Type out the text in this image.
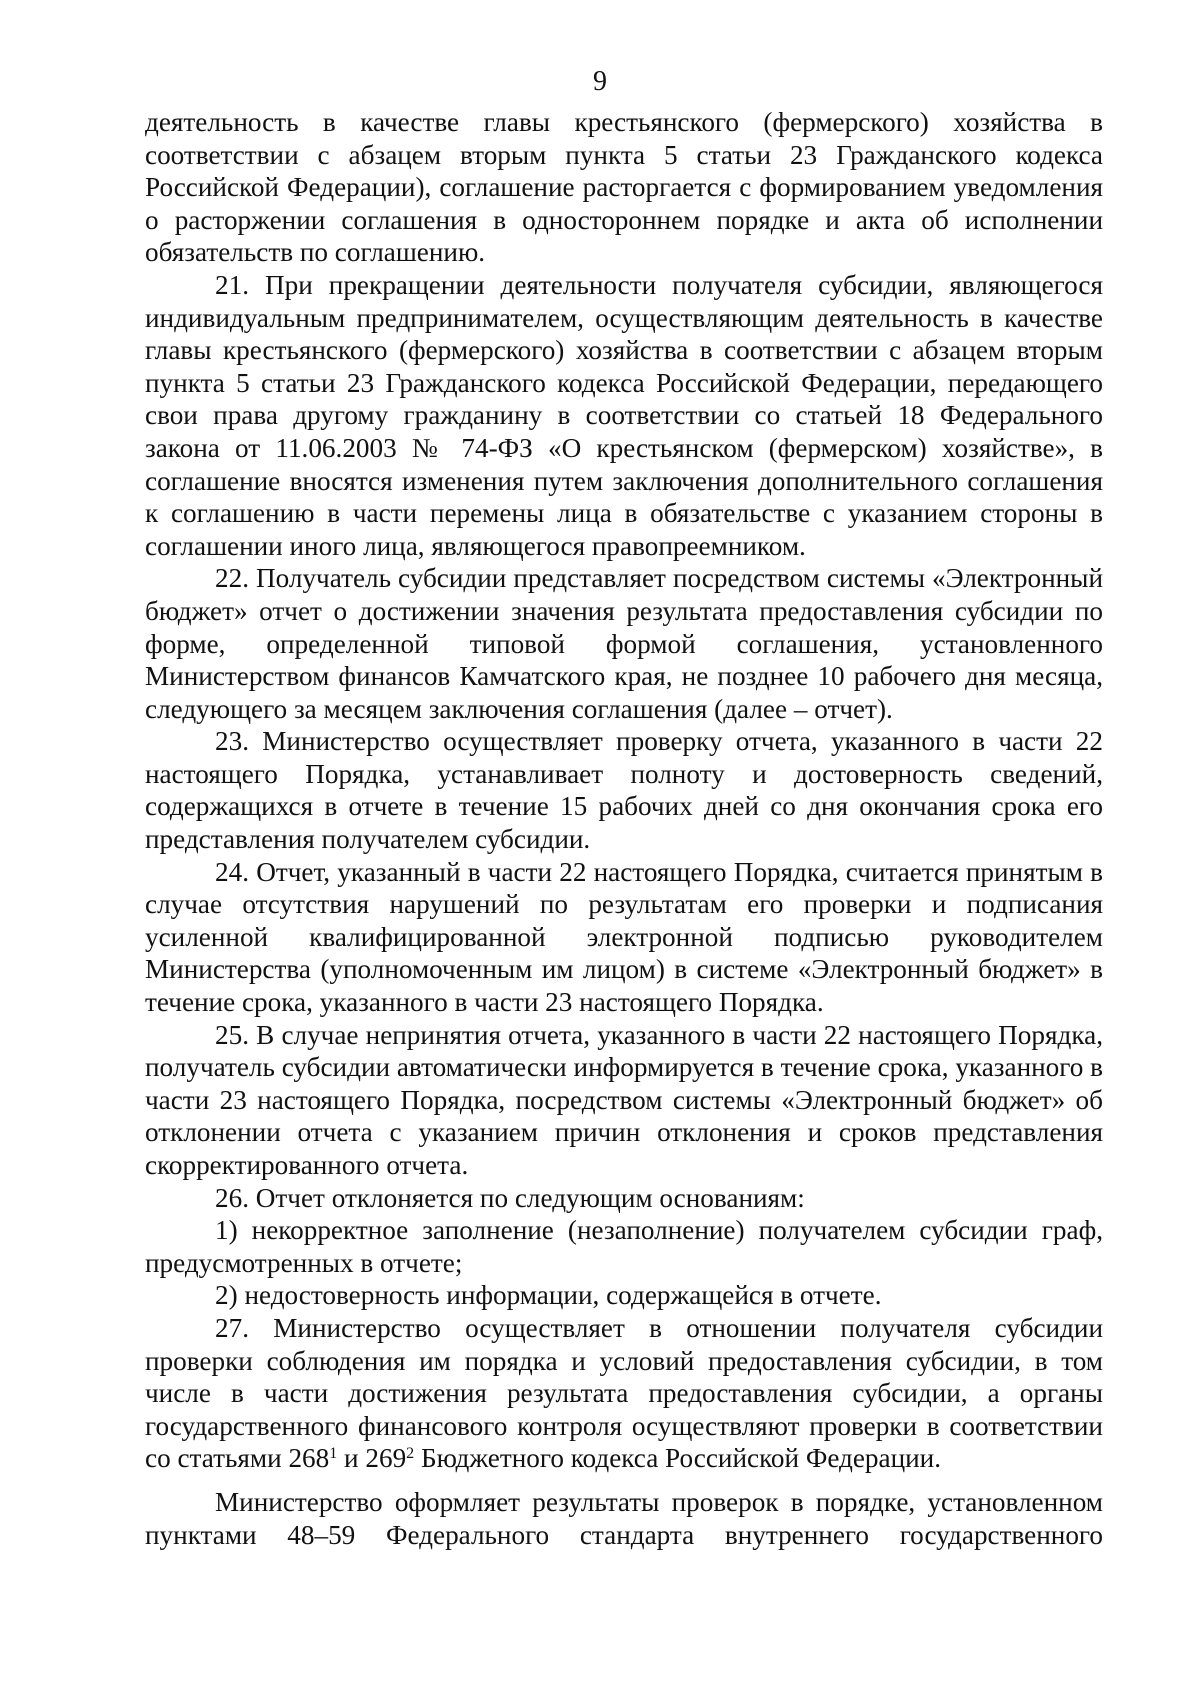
9

деятельность в качестве главы крестьянского (фермерского) хозяйства в соответствии с абзацем вторым пункта 5 статьи 23 Гражданского кодекса Российской Федерации), соглашение расторгается с формированием уведомления о расторжении соглашения в одностороннем порядке и акта об исполнении обязательств по соглашению.

21. При прекращении деятельности получателя субсидии, являющегося индивидуальным предпринимателем, осуществляющим деятельность в качестве главы крестьянского (фермерского) хозяйства в соответствии с абзацем вторым пункта 5 статьи 23 Гражданского кодекса Российской Федерации, передающего свои права другому гражданину в соответствии со статьей 18 Федерального закона от 11.06.2003 № 74-ФЗ «О крестьянском (фермерском) хозяйстве», в соглашение вносятся изменения путем заключения дополнительного соглашения к соглашению в части перемены лица в обязательстве с указанием стороны в соглашении иного лица, являющегося правопреемником.

22. Получатель субсидии представляет посредством системы «Электронный бюджет» отчет о достижении значения результата предоставления субсидии по форме, определенной типовой формой соглашения, установленного Министерством финансов Камчатского края, не позднее 10 рабочего дня месяца, следующего за месяцем заключения соглашения (далее – отчет).

23. Министерство осуществляет проверку отчета, указанного в части 22 настоящего Порядка, устанавливает полноту и достоверность сведений, содержащихся в отчете в течение 15 рабочих дней со дня окончания срока его представления получателем субсидии.

24. Отчет, указанный в части 22 настоящего Порядка, считается принятым в случае отсутствия нарушений по результатам его проверки и подписания усиленной квалифицированной электронной подписью руководителем Министерства (уполномоченным им лицом) в системе «Электронный бюджет» в течение срока, указанного в части 23 настоящего Порядка.

25. В случае непринятия отчета, указанного в части 22 настоящего Порядка, получатель субсидии автоматически информируется в течение срока, указанного в части 23 настоящего Порядка, посредством системы «Электронный бюджет» об отклонении отчета с указанием причин отклонения и сроков представления скорректированного отчета.

26. Отчет отклоняется по следующим основаниям:

1) некорректное заполнение (незаполнение) получателем субсидии граф, предусмотренных в отчете;

2) недостоверность информации, содержащейся в отчете.

27. Министерство осуществляет в отношении получателя субсидии проверки соблюдения им порядка и условий предоставления субсидии, в том числе в части достижения результата предоставления субсидии, а органы государственного финансового контроля осуществляют проверки в соответствии со статьями $268^1$ и $269^2$ Бюджетного кодекса Российской Федерации.

Министерство оформляет результаты проверок в порядке, установленном пунктами 48–59 Федерального стандарта внутреннего государственного
